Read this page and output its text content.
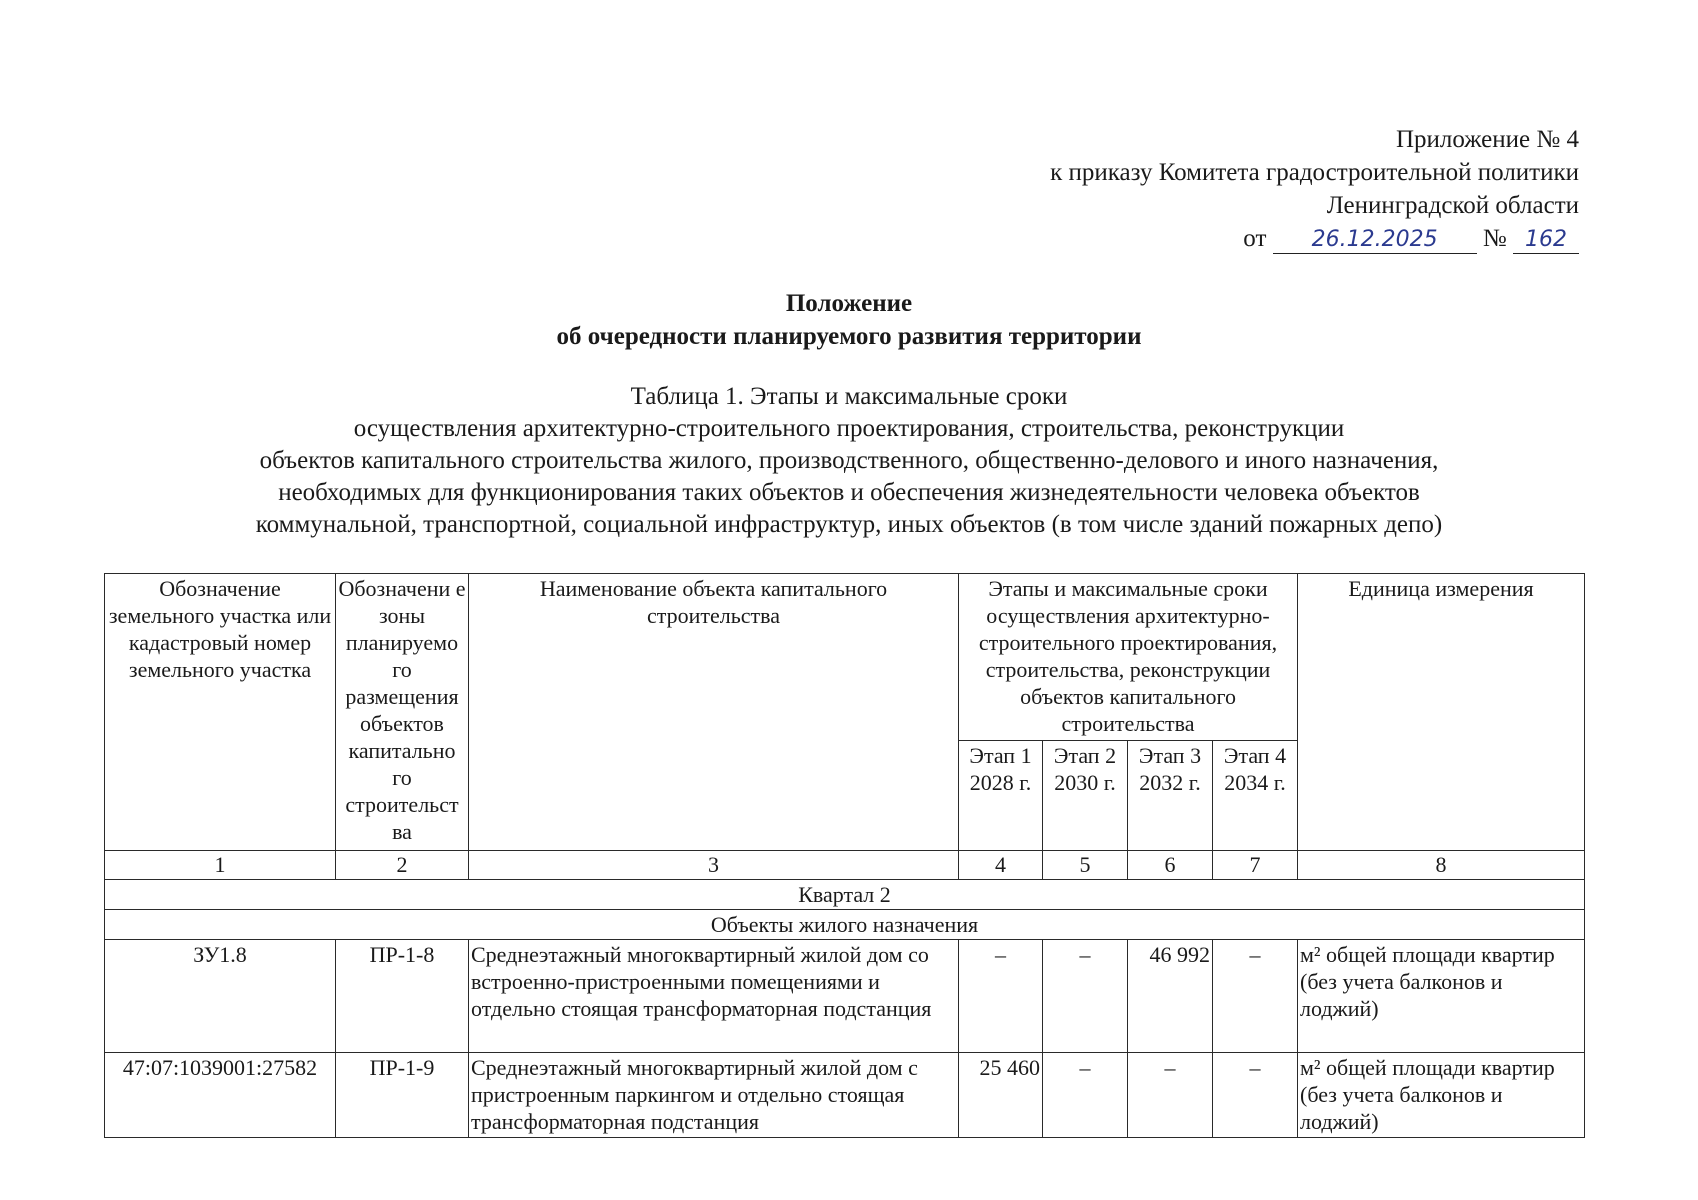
Приложение № 4
к приказу Комитета градостроительной политики
Ленинградской области
от 26.12.2025 № 162
Положение
об очередности планируемого развития территории
Таблица 1. Этапы и максимальные сроки
осуществления архитектурно-строительного проектирования, строительства, реконструкции
объектов капитального строительства жилого, производственного, общественно-делового и иного назначения,
необходимых для функционирования таких объектов и обеспечения жизнедеятельности человека объектов
коммунальной, транспортной, социальной инфраструктур, иных объектов (в том числе зданий пожарных депо)
Обозначение земельного участка или кадастровый номер земельного участка	Обозначени е зоны планируемо го размещения объектов капитально го строительст ва	Наименование объекта капитального строительства	Этапы и максимальные сроки осуществления архитектурно-строительного проектирования, строительства, реконструкции объектов капитального строительства				Единица измерения
			Этап 1 2028 г.	Этап 2 2030 г.	Этап 3 2032 г.	Этап 4 2034 г.	
1	2	3	4	5	6	7	8
Квартал 2							
Объекты жилого назначения							
ЗУ1.8	ПР-1-8	Среднеэтажный многоквартирный жилой дом со встроенно-пристроенными помещениями и отдельно стоящая трансформаторная подстанция	–	–	46 992	–	м² общей площади квартир (без учета балконов и лоджий)
47:07:1039001:27582	ПР-1-9	Среднеэтажный многоквартирный жилой дом с пристроенным паркингом и отдельно стоящая трансформаторная подстанция	25 460	–	–	–	м² общей площади квартир (без учета балконов и лоджий)
